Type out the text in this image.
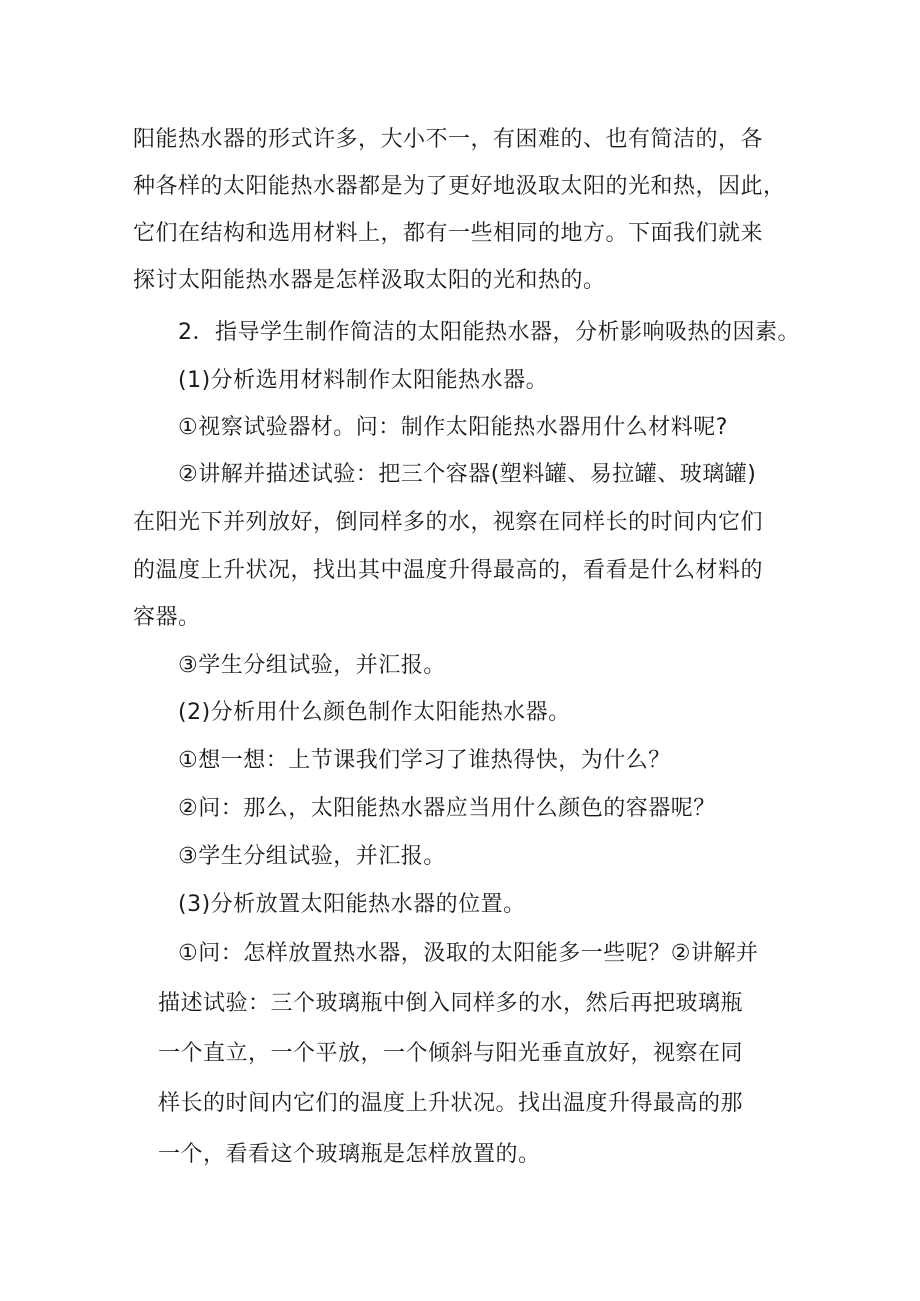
阳能热水器的形式许多，大小不一，有困难的、也有简洁的，各
种各样的太阳能热水器都是为了更好地汲取太阳的光和热，因此，
它们在结构和选用材料上，都有一些相同的地方。下面我们就来
探讨太阳能热水器是怎样汲取太阳的光和热的。
2．指导学生制作简洁的太阳能热水器，分析影响吸热的因素。
(1)分析选用材料制作太阳能热水器。
①视察试验器材。问：制作太阳能热水器用什么材料呢?
②讲解并描述试验：把三个容器(塑料罐、易拉罐、玻璃罐)
在阳光下并列放好，倒同样多的水，视察在同样长的时间内它们
的温度上升状况，找出其中温度升得最高的，看看是什么材料的
容器。
③学生分组试验，并汇报。
(2)分析用什么颜色制作太阳能热水器。
①想一想：上节课我们学习了谁热得快，为什么？
②问：那么，太阳能热水器应当用什么颜色的容器呢？
③学生分组试验，并汇报。
(3)分析放置太阳能热水器的位置。
①问：怎样放置热水器，汲取的太阳能多一些呢？②讲解并
描述试验：三个玻璃瓶中倒入同样多的水，然后再把玻璃瓶
一个直立，一个平放，一个倾斜与阳光垂直放好，视察在同
样长的时间内它们的温度上升状况。找出温度升得最高的那
一个，看看这个玻璃瓶是怎样放置的。
